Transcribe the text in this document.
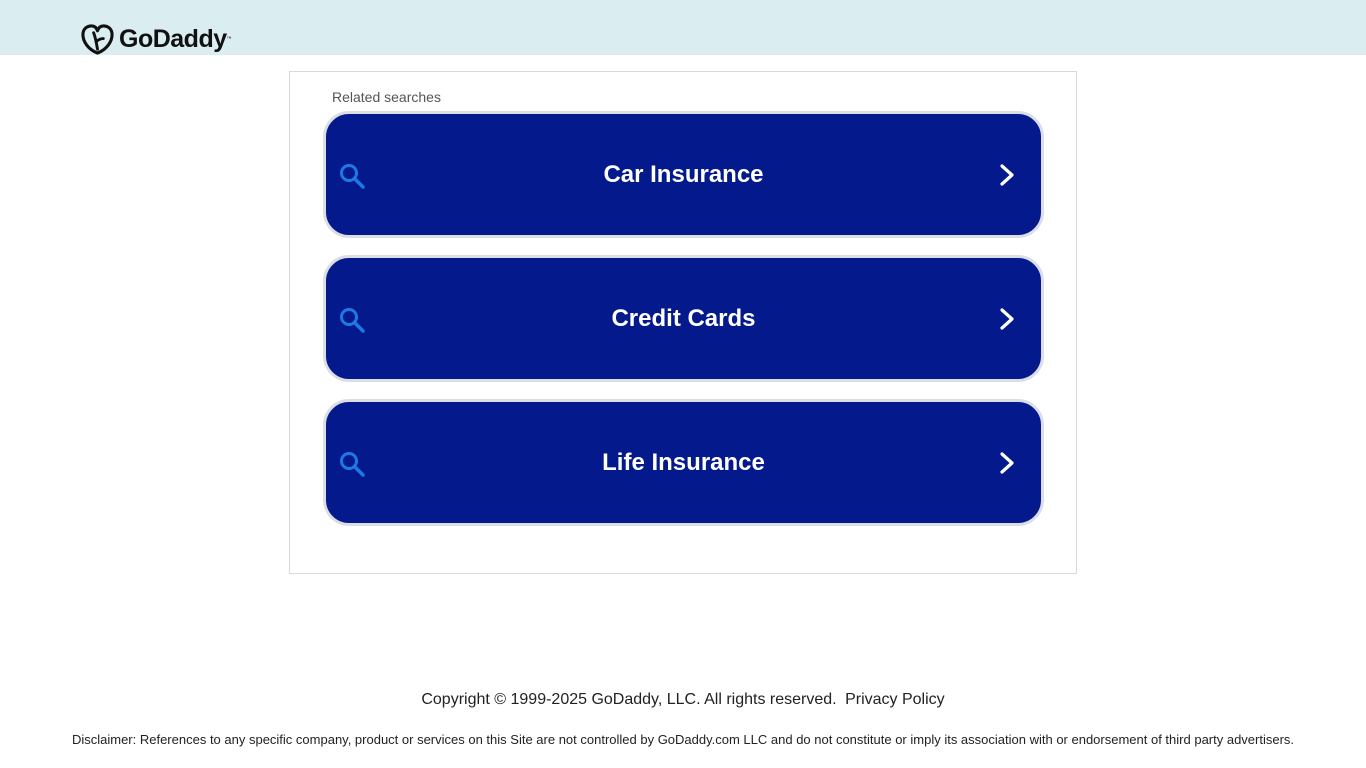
GoDaddy ™
Related searches
Car Insurance
Credit Cards
Life Insurance
Copyright © 1999-2025 GoDaddy, LLC. All rights reserved. Privacy Policy
Disclaimer: References to any specific company, product or services on this Site are not controlled by GoDaddy.com LLC and do not constitute or imply its association with or endorsement of third party advertisers.
